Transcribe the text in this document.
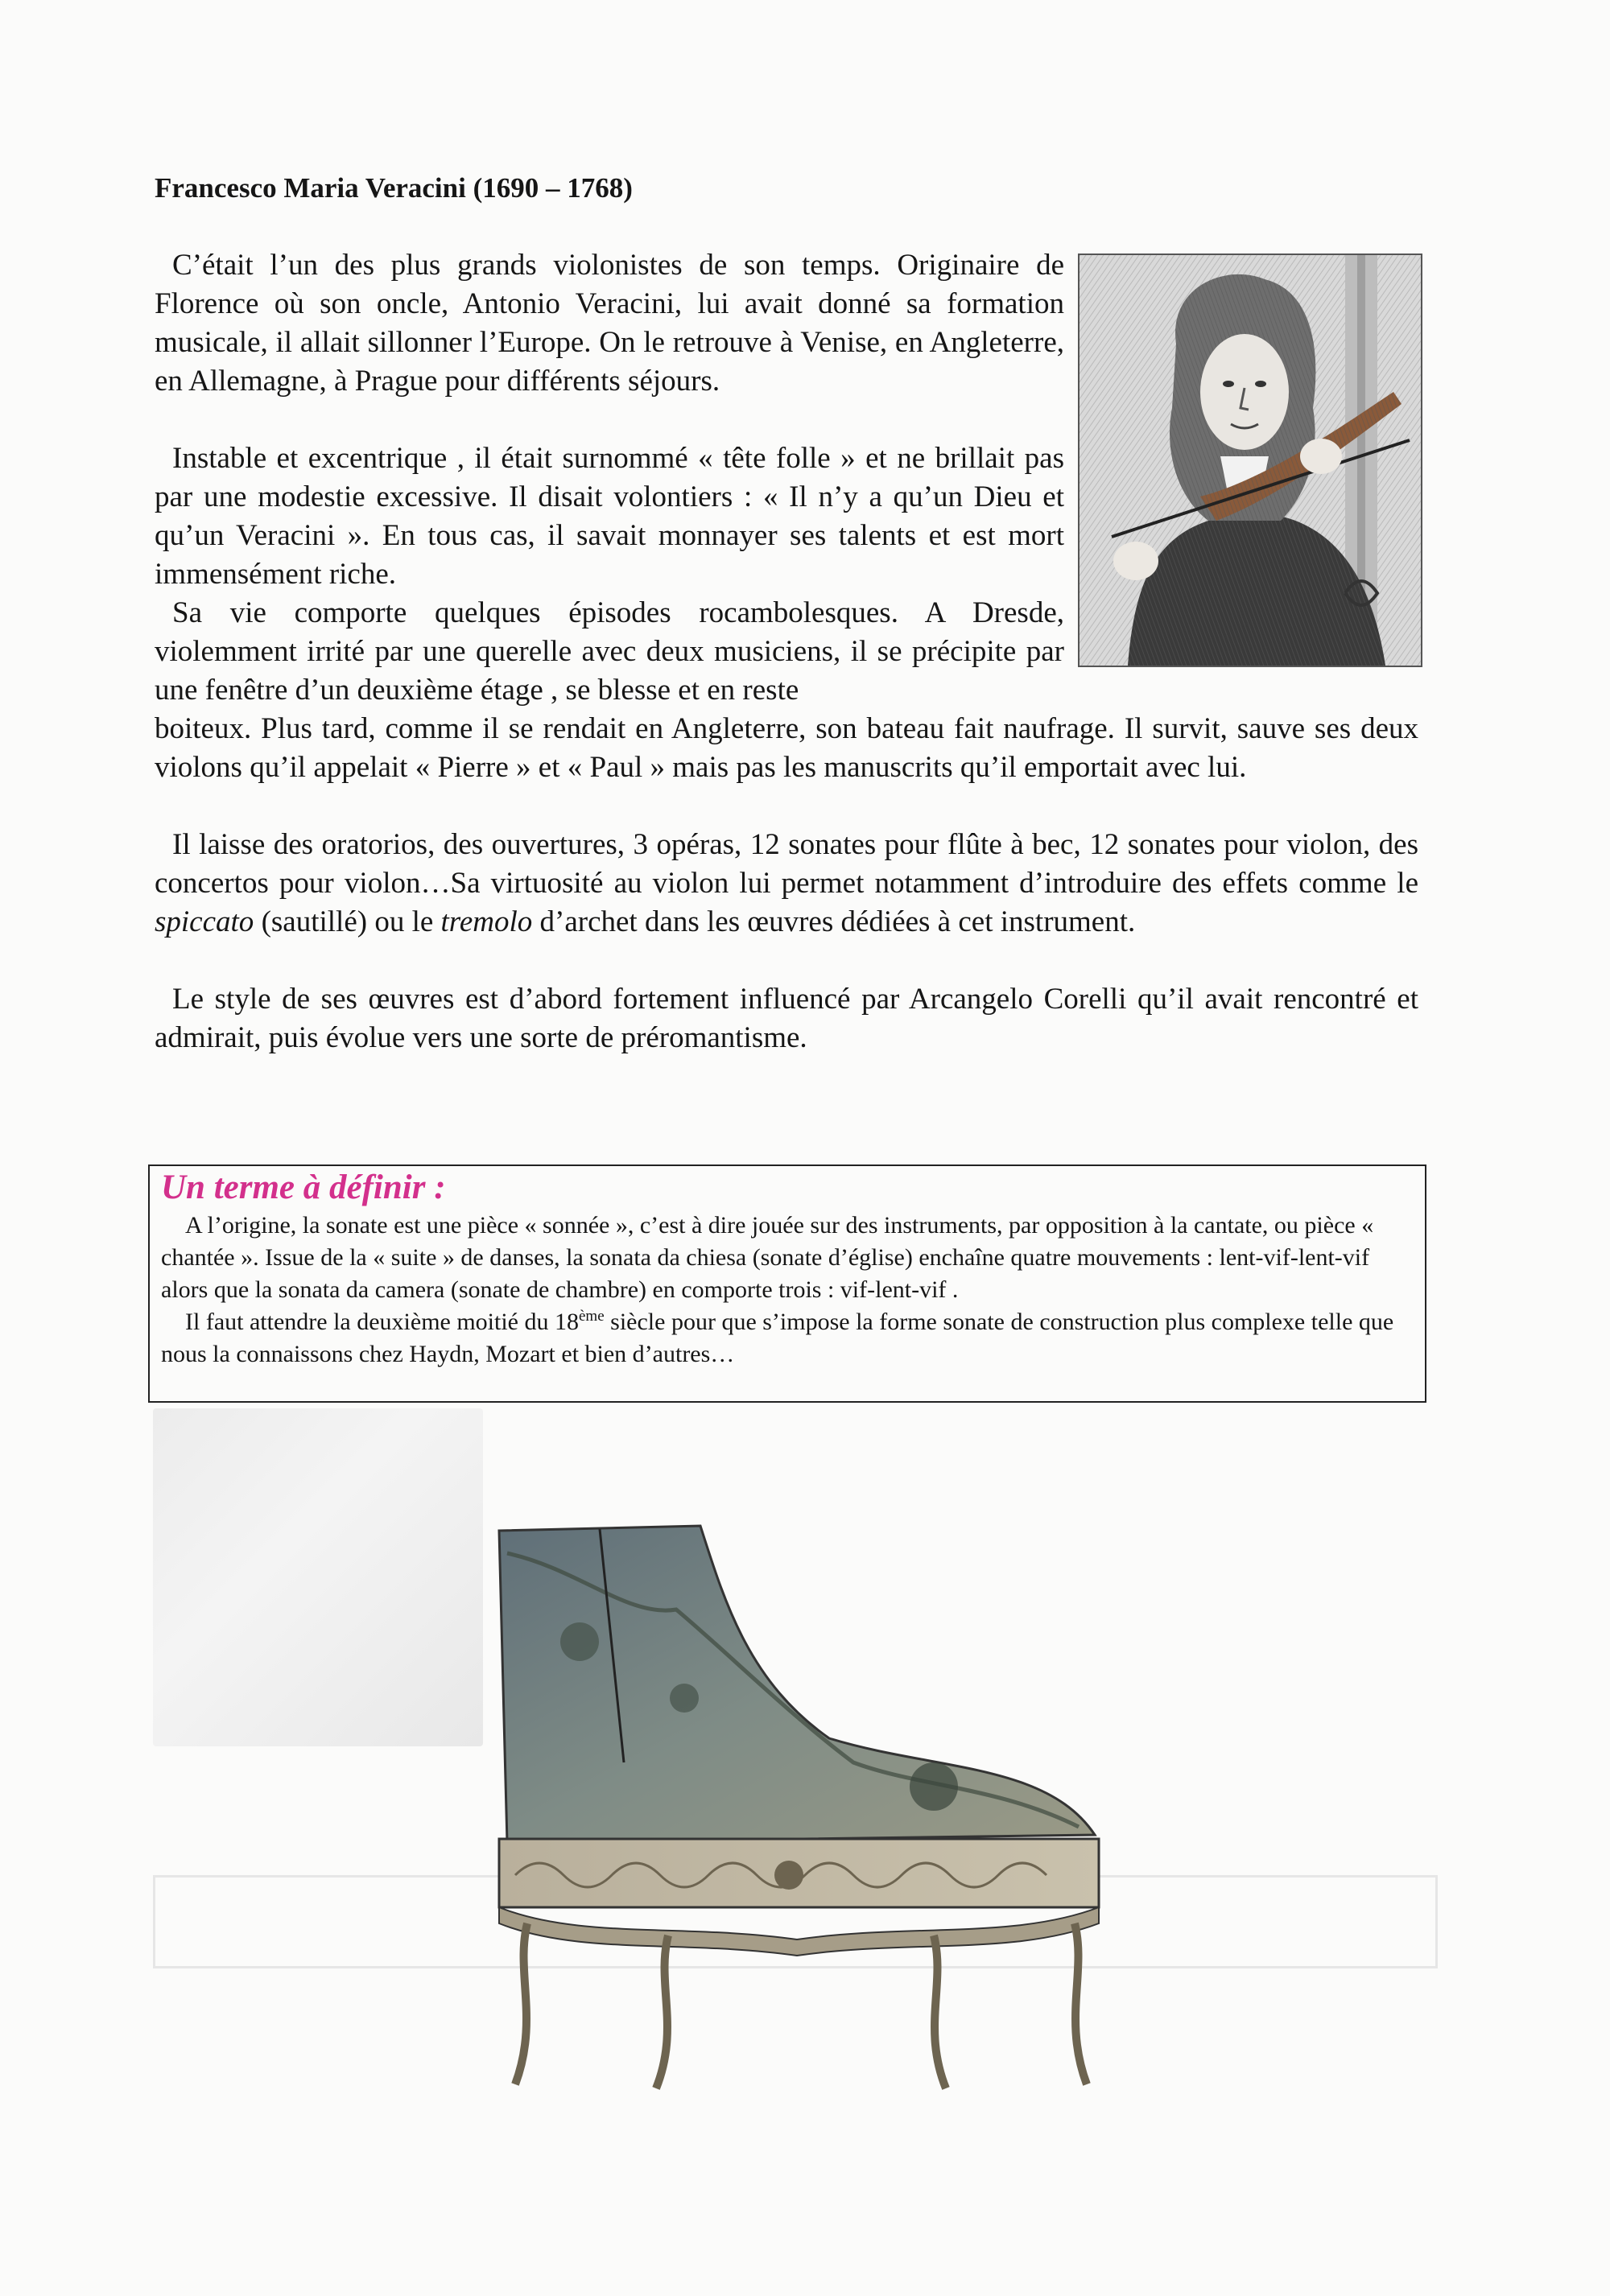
Francesco Maria Veracini (1690 – 1768)

C’était l’un des plus grands violonistes de son temps. Originaire de Florence où son oncle, Antonio Veracini, lui avait donné sa formation musicale, il allait sillonner l’Europe. On le retrouve à Venise, en Angleterre, en Allemagne, à Prague pour différents séjours.

Instable et excentrique , il était surnommé « tête folle » et ne brillait pas par une modestie excessive. Il disait volontiers : « Il n’y a qu’un Dieu et qu’un Veracini ». En tous cas, il savait monnayer ses talents et est mort immensément riche.

Sa vie comporte quelques épisodes rocambolesques. A Dresde, violemment irrité par une querelle avec deux musiciens, il se précipite par une fenêtre d’un deuxième étage , se blesse et en reste

boiteux. Plus tard, comme il se rendait en Angleterre, son bateau fait naufrage. Il survit, sauve ses deux violons qu’il appelait « Pierre » et « Paul » mais pas les manuscrits qu’il emportait avec lui.

Il laisse des oratorios, des ouvertures, 3 opéras, 12 sonates pour flûte à bec, 12 sonates pour violon, des concertos pour violon…Sa virtuosité au violon lui permet notamment d’introduire des effets comme le spiccato (sautillé) ou le tremolo d’archet dans les œuvres dédiées à cet instrument.

Le style de ses œuvres est d’abord fortement influencé par Arcangelo Corelli qu’il avait rencontré et admirait, puis évolue vers une sorte de préromantisme.

Un terme à définir :

A l’origine, la sonate est une pièce « sonnée », c’est à dire jouée sur des instruments, par opposition à la cantate, ou pièce « chantée ». Issue de la « suite » de danses, la sonata da chiesa (sonate d’église) enchaîne quatre mouvements : lent-vif-lent-vif alors que la sonata da camera (sonate de chambre) en comporte trois : vif-lent-vif .

Il faut attendre la deuxième moitié du 18ème siècle pour que s’impose la forme sonate de construction plus complexe telle que nous la connaissons chez Haydn, Mozart et bien d’autres…
